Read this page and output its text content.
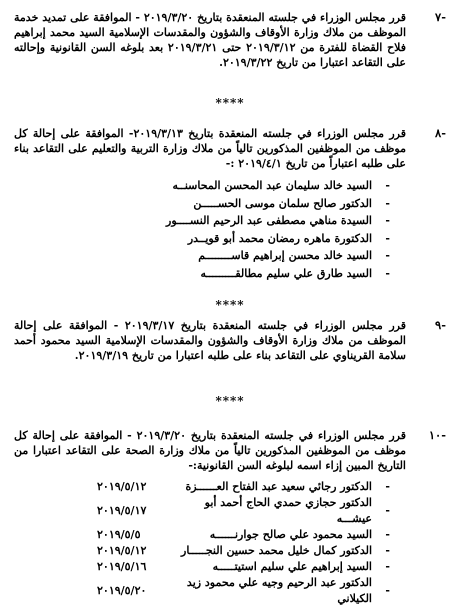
-٧
قرر مجلس الوزراء في جلسته المنعقدة بتاريخ ٢٠١٩/٣/٢٠ - الموافقة على تمديد خدمة الموظف من ملاك وزارة الأوقاف والشؤون والمقدسات الإسلامية السيد محمد إبراهيم فلاح القضاة للفترة من ٢٠١٩/٣/١٢ حتى ٢٠١٩/٣/٢١ بعد بلوغه السن القانونية وإحالته على التقاعد اعتبارا من تاريخ ٢٠١٩/٣/٢٢.
****
-٨
قرر مجلس الوزراء في جلسته المنعقدة بتاريخ ٢٠١٩/٣/١٣- الموافقة على إحالة كل موظف من الموظفين المذكورين تالياً من ملاك وزارة التربية والتعليم على التقاعد بناء على طلبه اعتباراً من تاريخ ٢٠١٩/٤/١ :-
-
السيد خالد سليمان عبد المحسن المحاسنــه
-
الدكتور صالح سلمان موسى الحســـــن
-
السيدة مناهي مصطفى عبد الرحيم النســــور
-
الدكتورة ماهره رمضان محمد أبو قويــدر
-
السيد خالد محسن إبراهيم قاســــــــم
-
السيد طارق علي سليم مطالقـــــــــه
****
-٩
قرر مجلس الوزراء في جلسته المنعقدة بتاريخ ٢٠١٩/٣/١٧ - الموافقة على إحالة الموظف من ملاك وزارة الأوقاف والشؤون والمقدسات الإسلامية السيد محمود أحمد سلامة القريناوي على التقاعد بناء على طلبه اعتبارا من تاريخ ٢٠١٩/٣/١٩.
****
-١٠
قرر مجلس الوزراء في جلسته المنعقدة بتاريخ ٢٠١٩/٣/٢٠ - الموافقة على إحالة كل موظف من الموظفين المذكورين تالياً من ملاك وزارة الصحة على التقاعد اعتبارا من التاريخ المبين إزاء اسمه لبلوغه السن القانونية:-
-	الدكتور رجائي سعيد عبد الفتاح العــــــزة	٢٠١٩/٥/١٢
-	الدكتور حجازي حمدي الحاج أحمد أبو عيشـــه	٢٠١٩/٥/١٧
-	السيد محمود علي صالح جوارنــــــه	٢٠١٩/٥/٥
-	الدكتور كمال خليل محمد حسين النجـــــار	٢٠١٩/٥/١٢
-	السيد إبراهيم علي سليم استيتـــــه	٢٠١٩/٥/١٦
-	الدكتور عبد الرحيم وجيه علي محمود زيد الكيلاني	٢٠١٩/٥/٢٠
